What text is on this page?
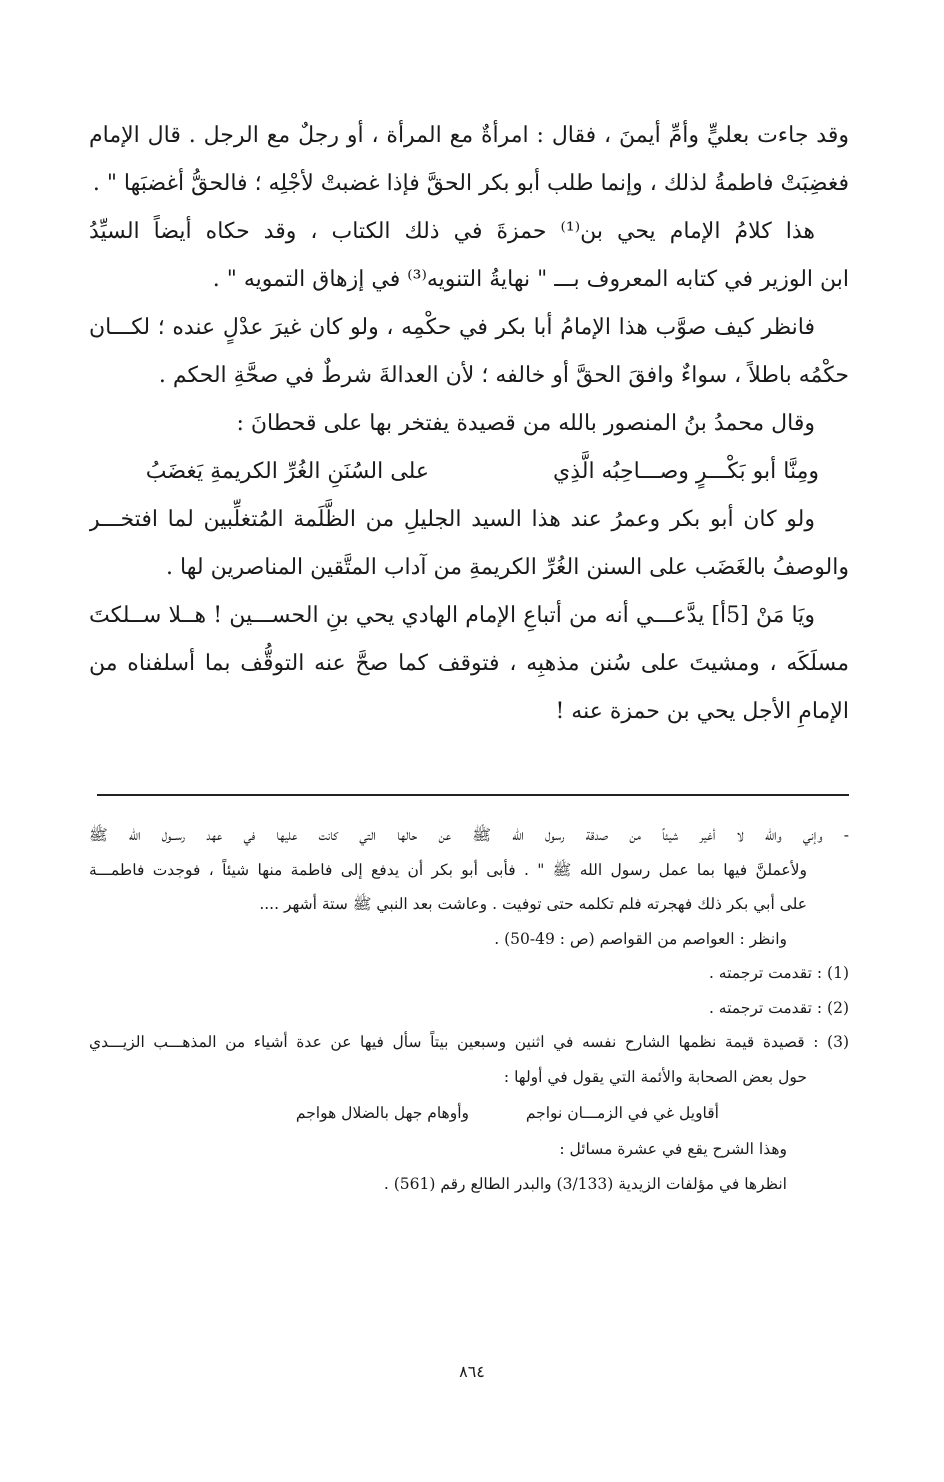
وقد جاءت بعليٍّ وأمِّ أيمنَ ، فقال : امرأةٌ مع المرأة ، أو رجلٌ مع الرجل . قال الإمام
فغضِبَتْ فاطمةُ لذلك ، وإنما طلب أبو بكر الحقَّ فإذا غضبتْ لأجْلِه ؛ فالحقُّ أغضبَها " .
هذا كلامُ الإمام يحي بن⁽¹⁾ حمزةَ في ذلك الكتاب ، وقد حكاه أيضاً السيِّدُ
ابن الوزير في كتابه المعروف بـــ " نهايةُ التنويه⁽³⁾ في إزهاق التمويه " .
فانظر كيف صوَّب هذا الإمامُ أبا بكر في حكْمِه ، ولو كان غيرَ عدْلٍ عنده ؛ لكـــان
حكْمُه باطلاً ، سواءٌ وافقَ الحقَّ أو خالفه ؛ لأن العدالةَ شرطٌ في صحَّةِ الحكم .
وقال محمدُ بنُ المنصور بالله من قصيدة يفتخر بها على قحطانَ :
ومِنَّا أبو بَكْـــرٍ وصـــاحِبُه الَّذِي
على السُنَنِ الغُرِّ الكريمةِ يَغضَبُ
ولو كان أبو بكر وعمرُ عند هذا السيد الجليلِ من الظَّلَمة المُتغلِّبين لما افتخـــر
والوصفُ بالغَضَب على السنن الغُرِّ الكريمةِ من آداب المتَّقين المناصرين لها .
ويَا مَنْ [5أ] يدَّعـــي أنه من أتباعِ الإمام الهادي يحي بنِ الحســـين ! هــلا ســلكتَ
مسلَكَه ، ومشيتَ على سُنن مذهبِه ، فتوقف كما صحَّ عنه التوقُّف بما أسلفناه من
الإمامِ الأجل يحي بن حمزة عنه !
- وإني والله لا أغير شيئاً من صدقة رسول الله ﷺ عن حالها التي كانت عليها في عهد رســول الله ﷺ
ولأعملنَّ فيها بما عمل رسول الله ﷺ " . فأبى أبو بكر أن يدفع إلى فاطمة منها شيئاً ، فوجدت فاطمـــة
على أبي بكر ذلك فهجرته فلم تكلمه حتى توفيت . وعاشت بعد النبي ﷺ ستة أشهر ....
وانظر : العواصم من القواصم (ص : 49-50) .
(1) : تقدمت ترجمته .
(2) : تقدمت ترجمته .
(3) : قصيدة قيمة نظمها الشارح نفسه في اثنين وسبعين بيتاً سأل فيها عن عدة أشياء من المذهـــب الزيـــدي
حول بعض الصحابة والأئمة التي يقول في أولها :
أقاويل غي في الزمـــان نواجم
وأوهام جهل بالضلال هواجم
وهذا الشرح يقع في عشرة مسائل :
انظرها في مؤلفات الزيدية (3/133) والبدر الطالع رقم (561) .
٨٦٤
